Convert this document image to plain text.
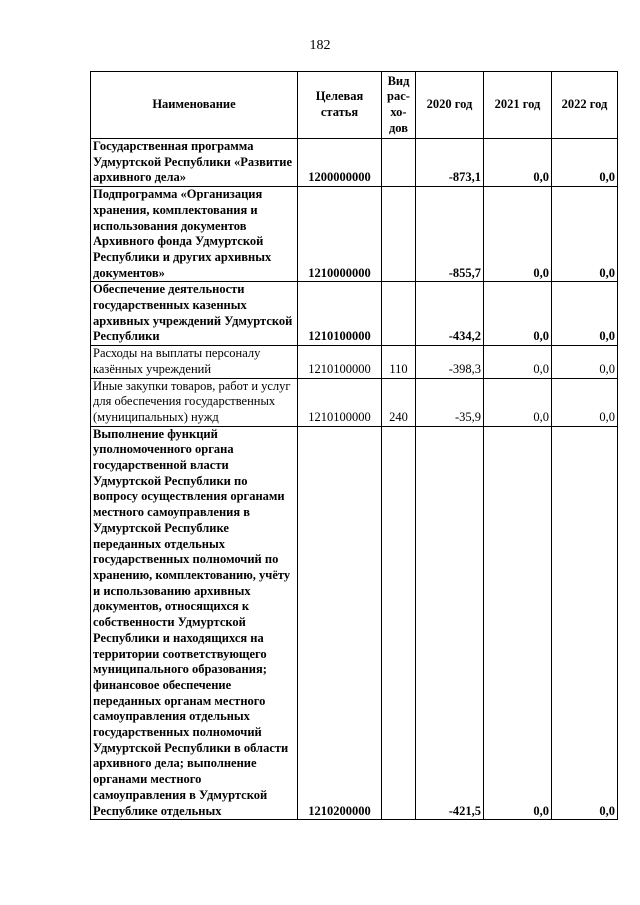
182
Наименование	Целевая статья	Вид рас- хо- дов	2020 год	2021 год	2022 год
Государственная программа Удмуртской Республики «Развитие архивного дела»	1200000000		-873,1	0,0	0,0
Подпрограмма «Организация хранения, комплектования и использования документов Архивного фонда Удмуртской Республики и других архивных документов»	1210000000		-855,7	0,0	0,0
Обеспечение деятельности государственных казенных архивных учреждений Удмуртской Республики	1210100000		-434,2	0,0	0,0
Расходы на выплаты персоналу казённых учреждений	1210100000	110	-398,3	0,0	0,0
Иные закупки товаров, работ и услуг для обеспечения государственных (муниципальных) нужд	1210100000	240	-35,9	0,0	0,0
Выполнение функций уполномоченного органа государственной власти Удмуртской Республики по вопросу осуществления органами местного самоуправления в Удмуртской Республике переданных отдельных государственных полномочий по хранению, комплектованию, учёту и использованию архивных документов, относящихся к собственности Удмуртской Республики и находящихся на территории соответствующего муниципального образования; финансовое обеспечение переданных органам местного самоуправления отдельных государственных полномочий Удмуртской Республики в области архивного дела; выполнение органами местного самоуправления в Удмуртской Республике отдельных	1210200000		-421,5	0,0	0,0
